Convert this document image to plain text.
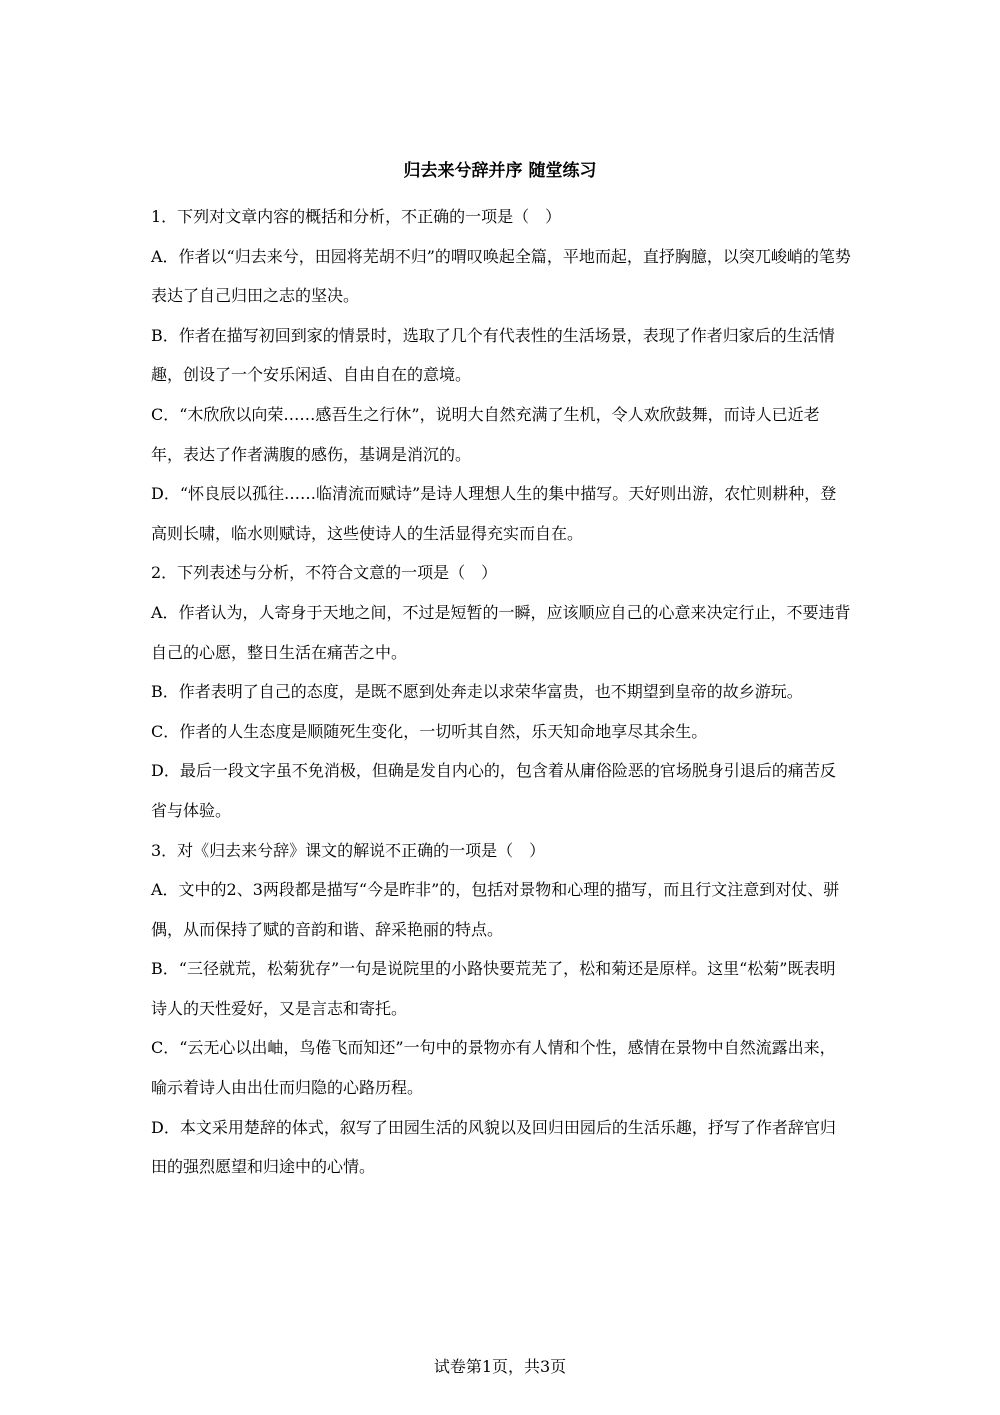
归去来兮辞并序 随堂练习

1．下列对文章内容的概括和分析，不正确的一项是（　）

A．作者以“归去来兮，田园将芜胡不归”的喟叹唤起全篇，平地而起，直抒胸臆，以突兀峻峭的笔势表达了自己归田之志的坚决。

B．作者在描写初回到家的情景时，选取了几个有代表性的生活场景，表现了作者归家后的生活情趣，创设了一个安乐闲适、自由自在的意境。

C．“木欣欣以向荣……感吾生之行休”，说明大自然充满了生机，令人欢欣鼓舞，而诗人已近老年，表达了作者满腹的感伤，基调是消沉的。

D．“怀良辰以孤往……临清流而赋诗”是诗人理想人生的集中描写。天好则出游，农忙则耕种，登高则长啸，临水则赋诗，这些使诗人的生活显得充实而自在。

2．下列表述与分析，不符合文意的一项是（　）

A．作者认为，人寄身于天地之间，不过是短暂的一瞬，应该顺应自己的心意来决定行止，不要违背自己的心愿，整日生活在痛苦之中。

B．作者表明了自己的态度，是既不愿到处奔走以求荣华富贵，也不期望到皇帝的故乡游玩。

C．作者的人生态度是顺随死生变化，一切听其自然，乐天知命地享尽其余生。

D．最后一段文字虽不免消极，但确是发自内心的，包含着从庸俗险恶的官场脱身引退后的痛苦反省与体验。

3．对《归去来兮辞》课文的解说不正确的一项是（　）

A．文中的2、3两段都是描写“今是昨非”的，包括对景物和心理的描写，而且行文注意到对仗、骈偶，从而保持了赋的音韵和谐、辞采艳丽的特点。

B．“三径就荒，松菊犹存”一句是说院里的小路快要荒芜了，松和菊还是原样。这里“松菊”既表明诗人的天性爱好，又是言志和寄托。

C．“云无心以出岫，鸟倦飞而知还”一句中的景物亦有人情和个性，感情在景物中自然流露出来，喻示着诗人由出仕而归隐的心路历程。

D．本文采用楚辞的体式，叙写了田园生活的风貌以及回归田园后的生活乐趣，抒写了作者辞官归田的强烈愿望和归途中的心情。

试卷第1页，共3页
